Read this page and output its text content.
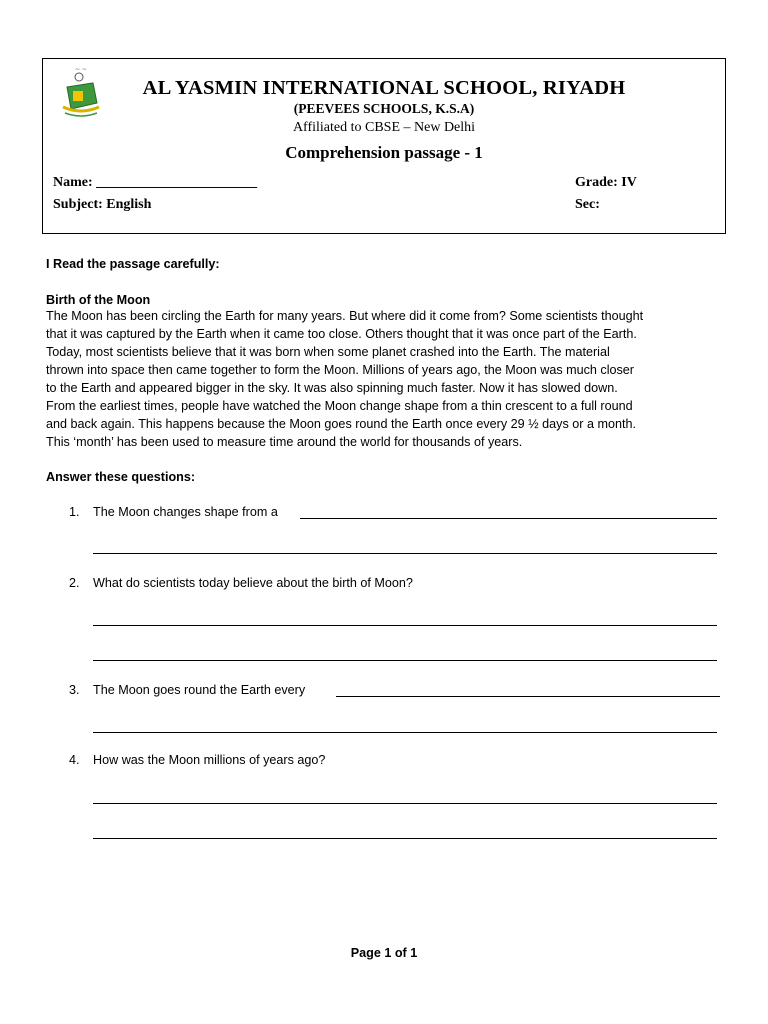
~ ~
AL YASMIN INTERNATIONAL SCHOOL, RIYADH
(PEEVEES SCHOOLS, K.S.A)
Affiliated to CBSE – New Delhi
Comprehension passage - 1
Name: _______________________	Grade: IV
Subject: English	Sec:
I Read the passage carefully:
Birth of the Moon
The Moon has been circling the Earth for many years. But where did it come from? Some scientists thought
that it was captured by the Earth when it came too close. Others thought that it was once part of the Earth.
Today, most scientists believe that it was born when some planet crashed into the Earth. The material
thrown into space then came together to form the Moon. Millions of years ago, the Moon was much closer
to the Earth and appeared bigger in the sky. It was also spinning much faster. Now it has slowed down.
From the earliest times, people have watched the Moon change shape from a thin crescent to a full round
and back again. This happens because the Moon goes round the Earth once every 29 ½ days or a month.
This ‘month’ has been used to measure time around the world for thousands of years.
Answer these questions:
1. The Moon changes shape from a
2. What do scientists today believe about the birth of Moon?
3. The Moon goes round the Earth every
4. How was the Moon millions of years ago?
Page 1 of 1
